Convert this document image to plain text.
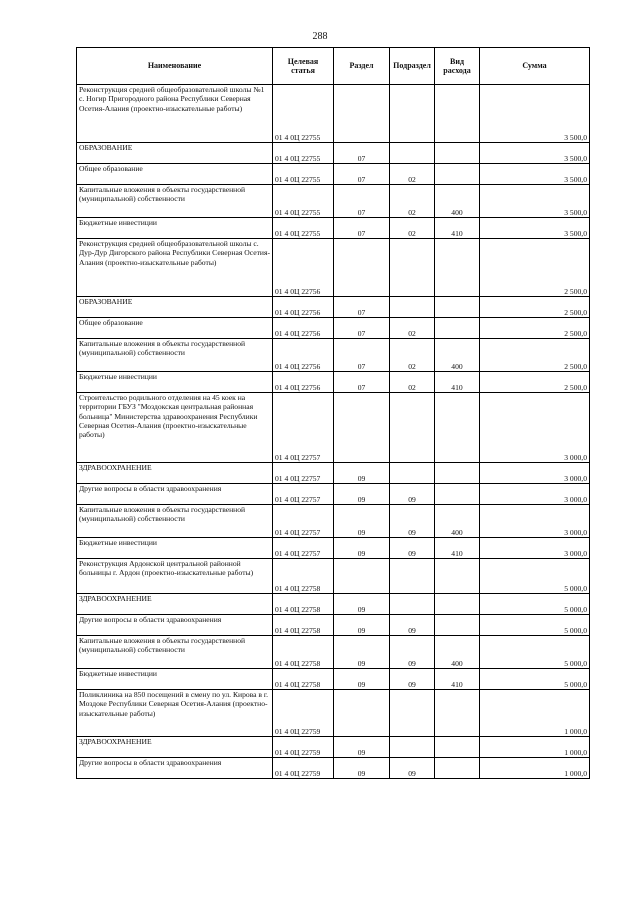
288
Наименование	Целевая статья	Раздел	Подраздел	Вид расхода	Сумма
Реконструкция средней общеобразовательной школы №1 с. Ногир Пригородного района Республики Северная Осетия-Алания (проектно-изыскательные работы)	01 4 0Ц 22755				3 500,0
ОБРАЗОВАНИЕ	01 4 0Ц 22755	07			3 500,0
Общее образование	01 4 0Ц 22755	07	02		3 500,0
Капитальные вложения в объекты государственной (муниципальной) собственности	01 4 0Ц 22755	07	02	400	3 500,0
Бюджетные инвестиции	01 4 0Ц 22755	07	02	410	3 500,0
Реконструкция средней общеобразовательной школы с. Дур-Дур Дигорского района Республики Северная Осетия-Алания (проектно-изыскательные работы)	01 4 0Ц 22756				2 500,0
ОБРАЗОВАНИЕ	01 4 0Ц 22756	07			2 500,0
Общее образование	01 4 0Ц 22756	07	02		2 500,0
Капитальные вложения в объекты государственной (муниципальной) собственности	01 4 0Ц 22756	07	02	400	2 500,0
Бюджетные инвестиции	01 4 0Ц 22756	07	02	410	2 500,0
Строительство родильного отделения на 45 коек на территории ГБУЗ "Моздокская центральная районная больница" Министерства здравоохранения Республики Северная Осетия-Алания (проектно-изыскательные работы)	01 4 0Ц 22757				3 000,0
ЗДРАВООХРАНЕНИЕ	01 4 0Ц 22757	09			3 000,0
Другие вопросы в области здравоохранения	01 4 0Ц 22757	09	09		3 000,0
Капитальные вложения в объекты государственной (муниципальной) собственности	01 4 0Ц 22757	09	09	400	3 000,0
Бюджетные инвестиции	01 4 0Ц 22757	09	09	410	3 000,0
Реконструкция Ардонской центральной районной больницы г. Ардон (проектно-изыскательные работы)	01 4 0Ц 22758				5 000,0
ЗДРАВООХРАНЕНИЕ	01 4 0Ц 22758	09			5 000,0
Другие вопросы в области здравоохранения	01 4 0Ц 22758	09	09		5 000,0
Капитальные вложения в объекты государственной (муниципальной) собственности	01 4 0Ц 22758	09	09	400	5 000,0
Бюджетные инвестиции	01 4 0Ц 22758	09	09	410	5 000,0
Поликлиника на 850 посещений в смену по ул. Кирова в г. Моздоке Республики Северная Осетия-Алания (проектно-изыскательные работы)	01 4 0Ц 22759				1 000,0
ЗДРАВООХРАНЕНИЕ	01 4 0Ц 22759	09			1 000,0
Другие вопросы в области здравоохранения	01 4 0Ц 22759	09	09		1 000,0
